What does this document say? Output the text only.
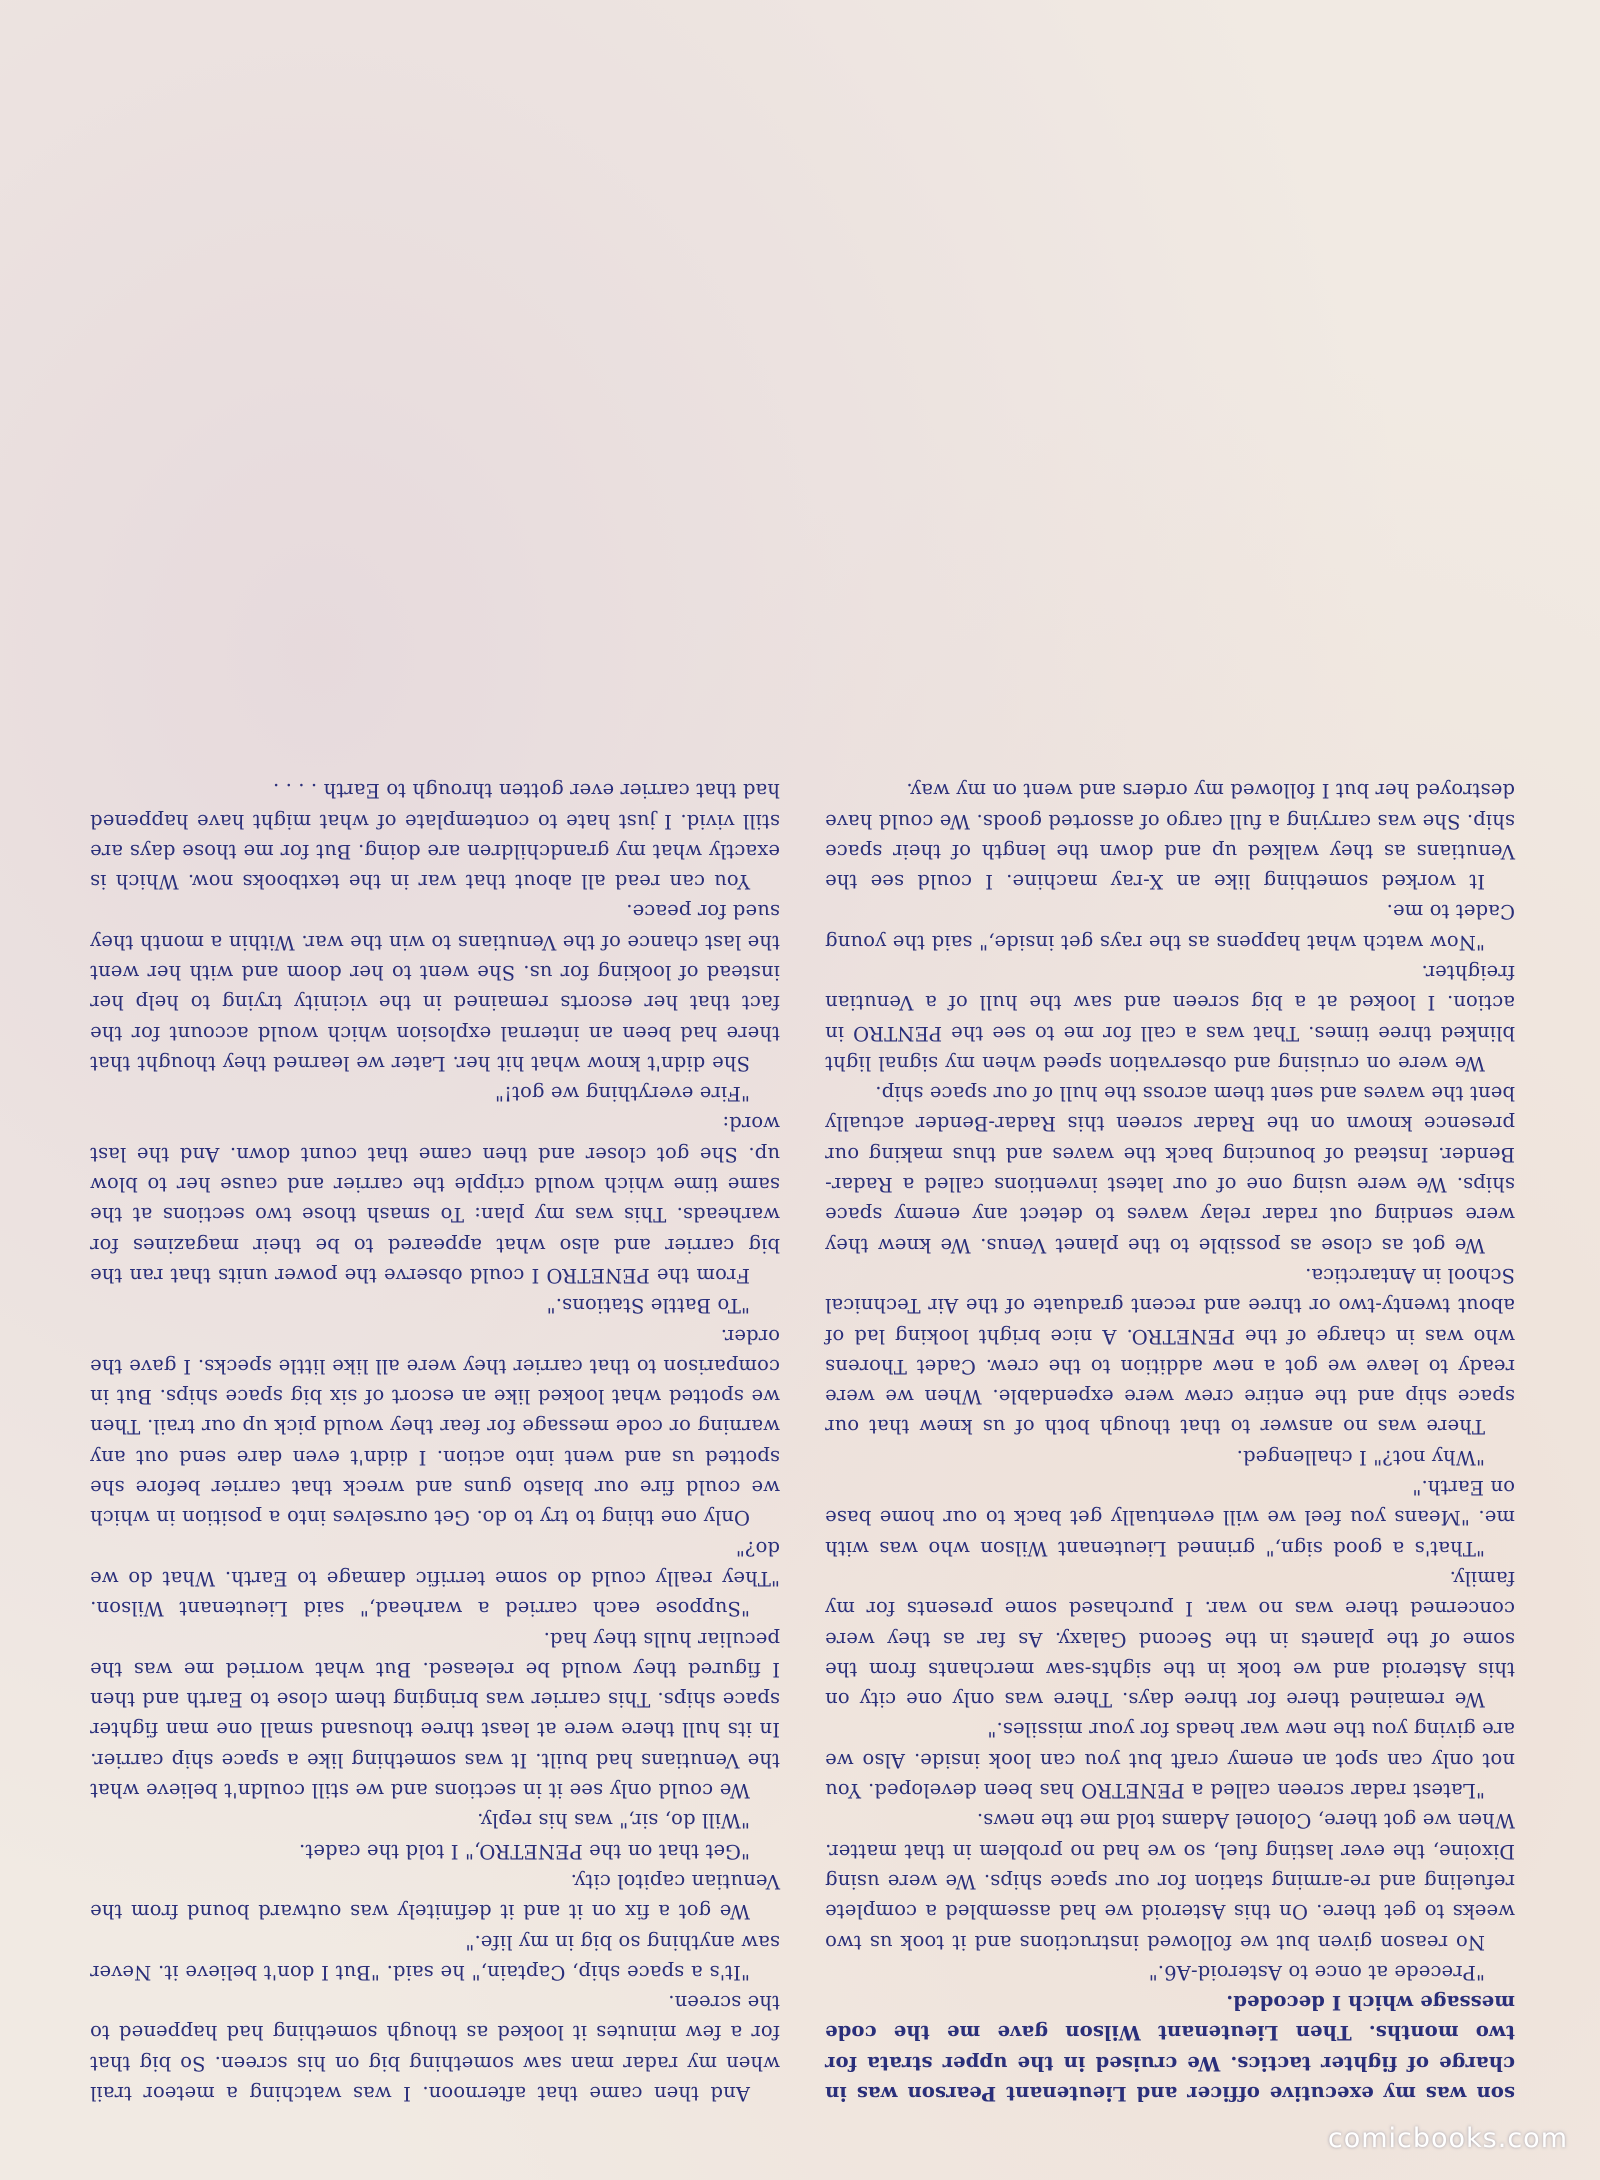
son was my executive officer and Lieutenant Pearson was in charge of fighter tactics. We cruised in the upper strata for two months. Then Lieutenant Wilson gave me the code message which I decoded.

"Precede at once to Asteroid-A6."

No reason given but we followed instructions and it took us two weeks to get there. On this Asteroid we had assembled a complete refueling and re-arming station for our space ships. We were using Dixoine, the ever lasting fuel, so we had no problem in that matter. When we got there, Colonel Adams told me the news.

"Latest radar screen called a PENETRO has been developed. You not only can spot an enemy craft but you can look inside. Also we are giving you the new war heads for your missiles."

We remained there for three days. There was only one city on this Asteroid and we took in the sights-saw merchants from the some of the planets in the Second Galaxy. As far as they were concerned there was no war. I purchased some presents for my family.

"That's a good sign," grinned Lieutenant Wilson who was with me. "Means you feel we will eventually get back to our home base on Earth."

"Why not?" I challenged.

There was no answer to that though both of us knew that our space ship and the entire crew were expendable. When we were ready to leave we got a new addition to the crew. Cadet Thorens who was in charge of the PENETRO. A nice bright looking lad of about twenty-two or three and recent graduate of the Air Technical School in Antarctica.

We got as close as possible to the planet Venus. We knew they were sending out radar relay waves to detect any enemy space ships. We were using one of our latest inventions called a Radar-Bender. Instead of bouncing back the waves and thus making our presence known on the Radar screen this Radar-Bender actually bent the waves and sent them across the hull of our space ship.

We were on cruising and observation speed when my signal light blinked three times. That was a call for me to see the PENTRO in action. I looked at a big screen and saw the hull of a Venutian freighter.

"Now watch what happens as the rays get inside," said the young Cadet to me.

It worked something like an X-ray machine. I could see the Venutians as they walked up and down the length of their space ship. She was carrying a full cargo of assorted goods. We could have destroyed her but I followed my orders and went on my way.

And then came that afternoon. I was watching a meteor trail when my radar man saw something big on his screen. So big that for a few minutes it looked as though something had happened to the screen.

"It's a space ship, Captain," he said. "But I don't believe it. Never saw anything so big in my life."

We got a fix on it and it definitely was outward bound from the Venutian capitol city.

"Get that on the PENETRO," I told the cadet.

"Will do, sir," was his reply.

We could only see it in sections and we still couldn't believe what the Venutians had built. It was something like a space ship carrier. In its hull there were at least three thousand small one man fighter space ships. This carrier was bringing them close to Earth and then I figured they would be released. But what worried me was the peculiar hulls they had.

"Suppose each carried a warhead," said Lieutenant Wilson. "They really could do some terrific damage to Earth. What do we do?"

Only one thing to try to do. Get ourselves into a position in which we could fire our blasto guns and wreck that carrier before she spotted us and went into action. I didn't even dare send out any warning or code message for fear they would pick up our trail. Then we spotted what looked like an escort of six big space ships. But in comparison to that carrier they were all like little specks. I gave the order.

"To Battle Stations."

From the PENETRO I could observe the power units that ran the big carrier and also what appeared to be their magazines for warheads. This was my plan: To smash those two sections at the same time which would cripple the carrier and cause her to blow up. She got closer and then came that count down. And the last word:

"Fire everything we got!"

She didn't know what hit her. Later we learned they thought that there had been an internal explosion which would account for the fact that her escorts remained in the vicinity trying to help her instead of looking for us. She went to her doom and with her went the last chance of the Venutians to win the war. Within a month they sued for peace.

You can read all about that war in the textbooks now. Which is exactly what my grandchildren are doing. But for me those days are still vivid. I just hate to contemplate of what might have happened had that carrier ever gotten through to Earth . . . .

comicbooks.com
